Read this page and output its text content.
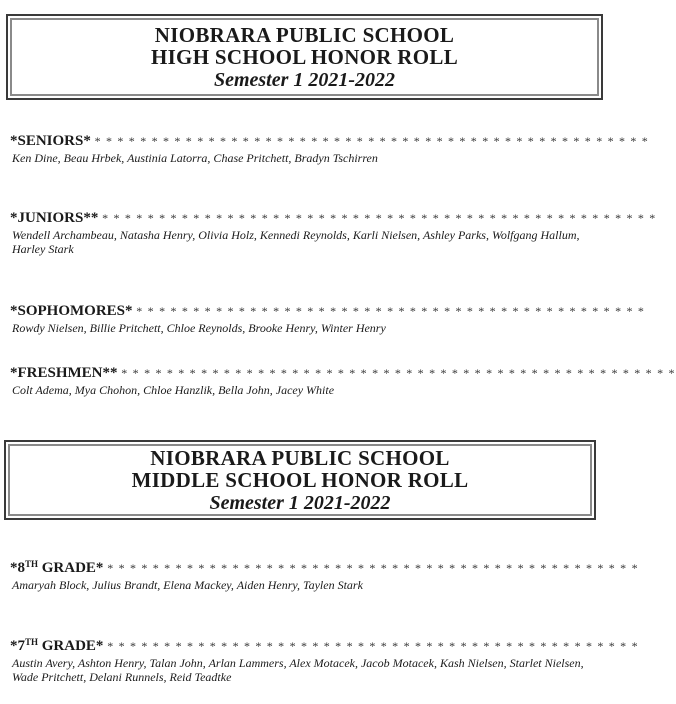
NIOBRARA PUBLIC SCHOOL
HIGH SCHOOL HONOR ROLL
Semester 1 2021-2022
*SENIORS* * * * * * * * * * * * * * * * * * * * * * * * * * * * * * * * * * * * * * * * * * * * * * * * * *
Ken Dine, Beau Hrbek, Austinia Latorra, Chase Pritchett, Bradyn Tschirren
*JUNIORS** * * * * * * * * * * * * * * * * * * * * * * * * * * * * * * * * * * * * * * * * * * * * * * * * *
Wendell Archambeau, Natasha Henry, Olivia Holz, Kennedi Reynolds, Karli Nielsen, Ashley Parks, Wolfgang Hallum, Harley Stark
*SOPHOMORES* * * * * * * * * * * * * * * * * * * * * * * * * * * * * * * * * * * * * * * * * * * * * *
Rowdy Nielsen, Billie Pritchett, Chloe Reynolds, Brooke Henry, Winter Henry
*FRESHMEN** * * * * * * * * * * * * * * * * * * * * * * * * * * * * * * * * * * * * * * * * * * * * * * * * *
Colt Adema, Mya Chohon, Chloe Hanzlik, Bella John, Jacey White
NIOBRARA PUBLIC SCHOOL
MIDDLE SCHOOL HONOR ROLL
Semester 1 2021-2022
*8TH GRADE* * * * * * * * * * * * * * * * * * * * * * * * * * * * * * * * * * * * * * * * * * * * * * * *
Amaryah Block, Julius Brandt, Elena Mackey, Aiden Henry, Taylen Stark
*7TH GRADE* * * * * * * * * * * * * * * * * * * * * * * * * * * * * * * * * * * * * * * * * * * * * * * *
Austin Avery, Ashton Henry, Talan John, Arlan Lammers, Alex Motacek, Jacob Motacek, Kash Nielsen, Starlet Nielsen, Wade Pritchett, Delani Runnels, Reid Teadtke
